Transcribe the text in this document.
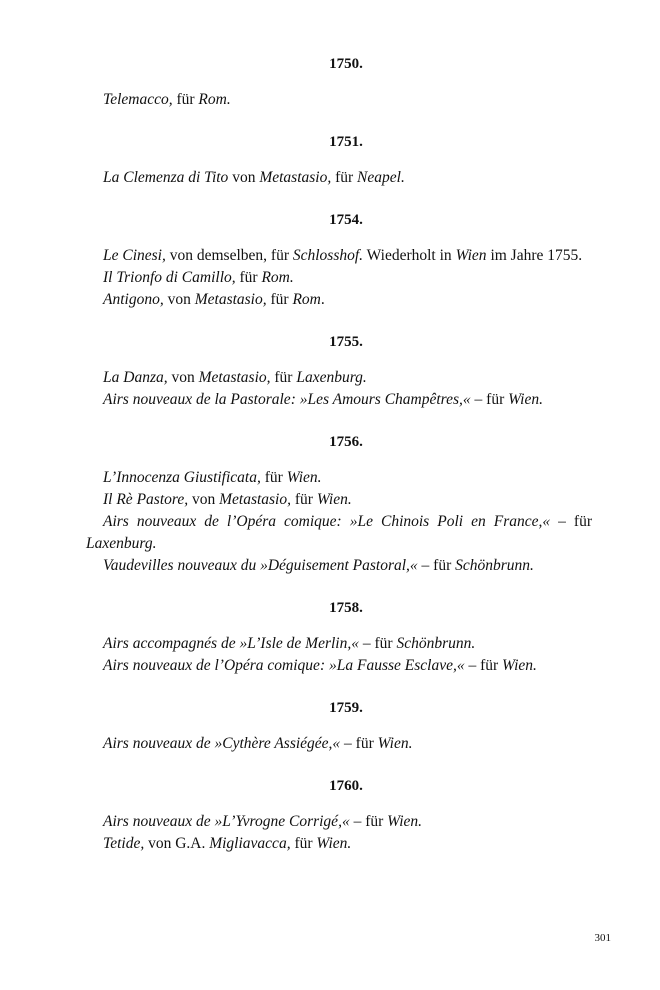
1750.

Telemacco, für Rom.

1751.

La Clemenza di Tito von Metastasio, für Neapel.

1754.

Le Cinesi, von demselben, für Schlosshof. Wiederholt in Wien im Jahre 1755.

Il Trionfo di Camillo, für Rom.

Antigono, von Metastasio, für Rom.

1755.

La Danza, von Metastasio, für Laxenburg.

Airs nouveaux de la Pastorale: »Les Amours Champêtres,« – für Wien.

1756.

L’Innocenza Giustificata, für Wien.

Il Rè Pastore, von Metastasio, für Wien.

Airs nouveaux de l’Opéra comique: »Le Chinois Poli en France,« – für Laxenburg.

Vaudevilles nouveaux du »Déguisement Pastoral,« – für Schönbrunn.

1758.

Airs accompagnés de »L’Isle de Merlin,« – für Schönbrunn.

Airs nouveaux de l’Opéra comique: »La Fausse Esclave,« – für Wien.

1759.

Airs nouveaux de »Cythère Assiégée,« – für Wien.

1760.

Airs nouveaux de »L’Yvrogne Corrigé,« – für Wien.

Tetide, von G.A. Migliavacca, für Wien.

301
